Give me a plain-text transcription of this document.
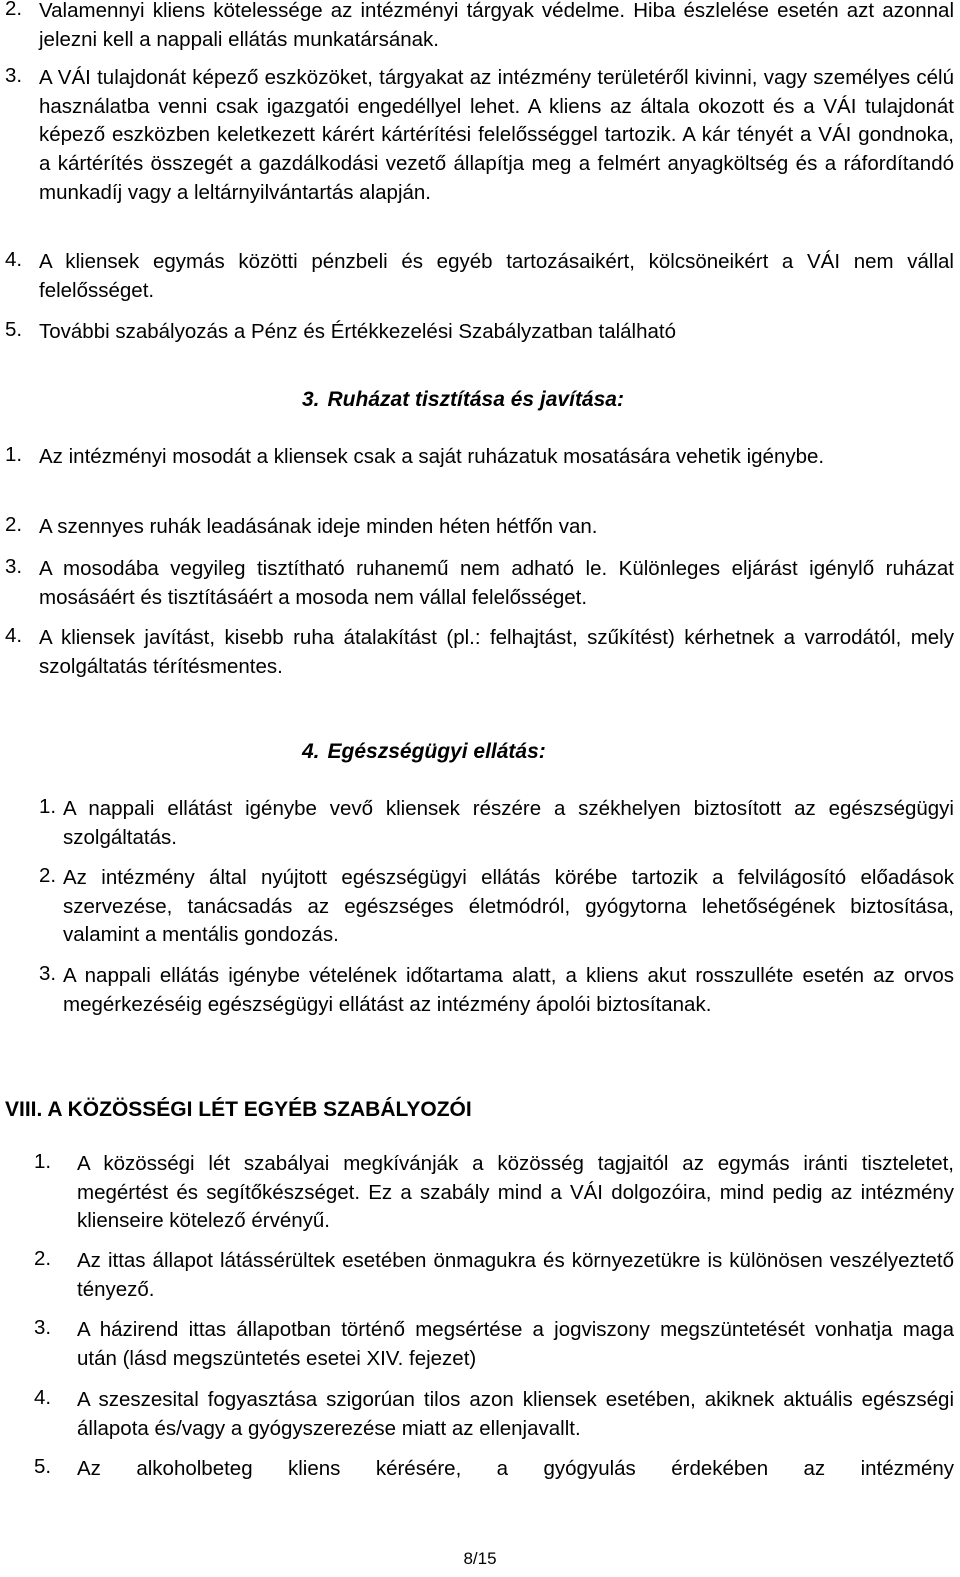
2. Valamennyi kliens kötelessége az intézményi tárgyak védelme. Hiba észlelése esetén azt azonnal jelezni kell a nappali ellátás munkatársának.
3. A VÁI tulajdonát képező eszközöket, tárgyakat az intézmény területéről kivinni, vagy személyes célú használatba venni csak igazgatói engedéllyel lehet. A kliens az általa okozott és a VÁI tulajdonát képező eszközben keletkezett kárért kártérítési felelősséggel tartozik. A kár tényét a VÁI gondnoka, a kártérítés összegét a gazdálkodási vezető állapítja meg a felmért anyagköltség és a ráfordítandó munkadíj vagy a leltárnyilvántartás alapján.
4. A kliensek egymás közötti pénzbeli és egyéb tartozásaikért, kölcsöneikért a VÁI nem vállal felelősséget.
5. További szabályozás a Pénz és Értékkezelési Szabályzatban található
3. Ruházat tisztítása és javítása:
1. Az intézményi mosodát a kliensek csak a saját ruházatuk mosatására vehetik igénybe.
2. A szennyes ruhák leadásának ideje minden héten hétfőn van.
3. A mosodába vegyileg tisztítható ruhanemű nem adható le. Különleges eljárást igénylő ruházat mosásáért és tisztításáért a mosoda nem vállal felelősséget.
4. A kliensek javítást, kisebb ruha átalakítást (pl.: felhajtást, szűkítést) kérhetnek a varrodától, mely szolgáltatás térítésmentes.
4. Egészségügyi ellátás:
1. A nappali ellátást igénybe vevő kliensek részére a székhelyen biztosított az egészségügyi szolgáltatás.
2. Az intézmény által nyújtott egészségügyi ellátás körébe tartozik a felvilágosító előadások szervezése, tanácsadás az egészséges életmódról, gyógytorna lehetőségének biztosítása, valamint a mentális gondozás.
3. A nappali ellátás igénybe vételének időtartama alatt, a kliens akut rosszulléte esetén az orvos megérkezéséig egészségügyi ellátást az intézmény ápolói biztosítanak.
VIII. A KÖZÖSSÉGI LÉT EGYÉB SZABÁLYOZÓI
1. A közösségi lét szabályai megkívánják a közösség tagjaitól az egymás iránti tiszteletet, megértést és segítőkészséget. Ez a szabály mind a VÁI dolgozóira, mind pedig az intézmény klienseire kötelező érvényű.
2. Az ittas állapot látássérültek esetében önmagukra és környezetükre is különösen veszélyeztető tényező.
3. A házirend ittas állapotban történő megsértése a jogviszony megszüntetését vonhatja maga után (lásd megszüntetés esetei XIV. fejezet)
4. A szeszesital fogyasztása szigorúan tilos azon kliensek esetében, akiknek aktuális egészségi állapota és/vagy a gyógyszerezése miatt az ellenjavallt.
5. Az alkoholbeteg kliens kérésére, a gyógyulás érdekében az intézmény
8/15
